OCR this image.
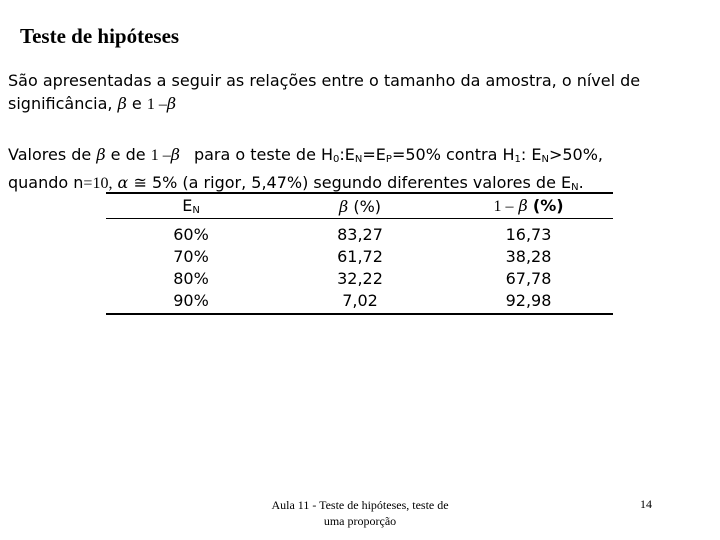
Teste de hipóteses
São apresentadas a seguir as relações entre o tamanho da amostra, o nível de significância, β e 1 –β
Valores de β e de 1 –β para o teste de $H_0:E_N=E_P=50\%$ contra $H_1$: $E_N>50\%$,
quando n=10, α ≅ 5% (a rigor, 5,47%) segundo diferentes valores de $E_N$.
$E_N$	β (%)	1 – β (%)
60%	83,27	16,73
70%	61,72	38,28
80%	32,22	67,78
90%	7,02	92,98
Aula 11 - Teste de hipóteses, teste de
uma proporção
14
